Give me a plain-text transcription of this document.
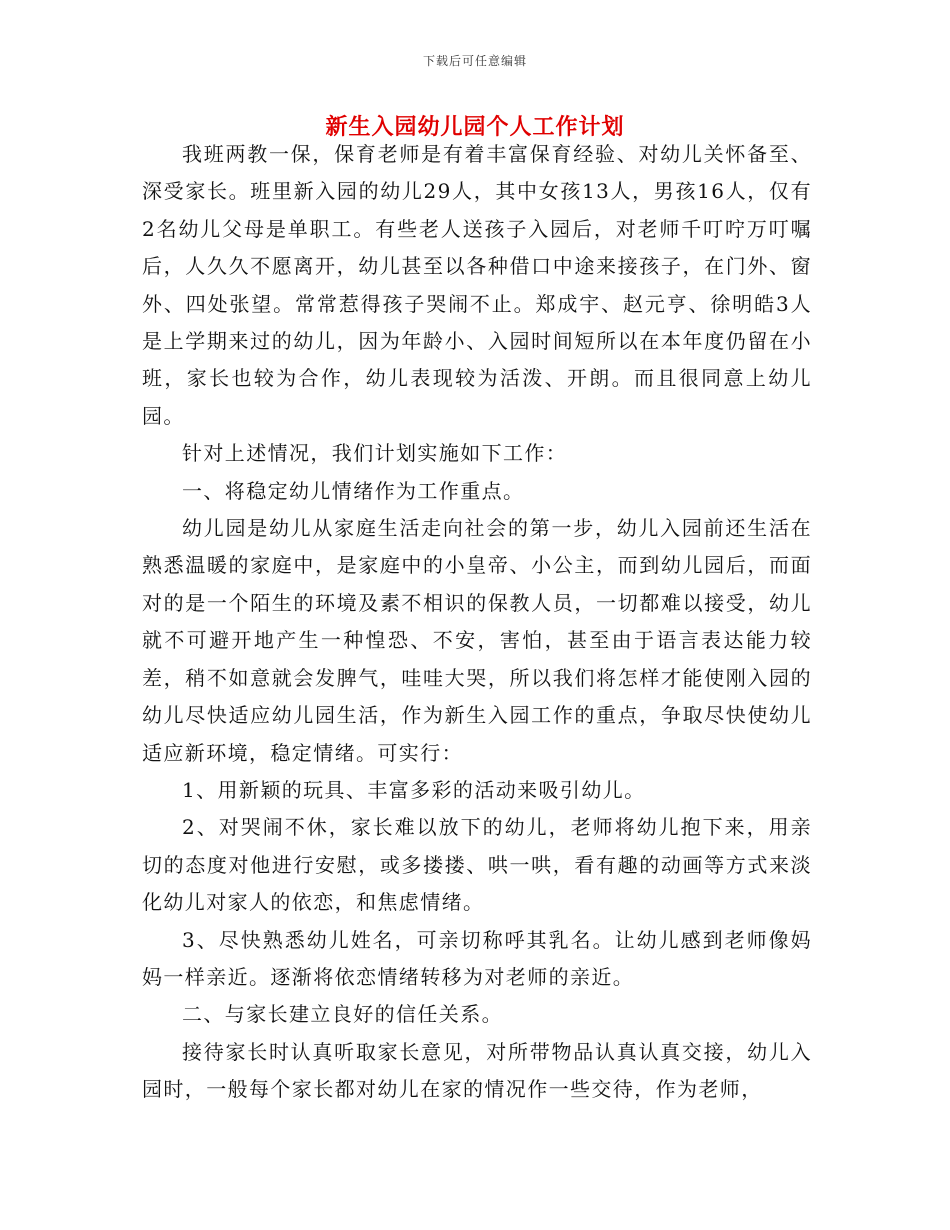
下载后可任意编辑
新生入园幼儿园个人工作计划

我班两教一保，保育老师是有着丰富保育经验、对幼儿关怀备至、深受家长。班里新入园的幼儿29人，其中女孩13人，男孩16人，仅有2名幼儿父母是单职工。有些老人送孩子入园后，对老师千叮咛万叮嘱后，人久久不愿离开，幼儿甚至以各种借口中途来接孩子，在门外、窗外、四处张望。常常惹得孩子哭闹不止。郑成宇、赵元亨、徐明皓3人是上学期来过的幼儿，因为年龄小、入园时间短所以在本年度仍留在小班，家长也较为合作，幼儿表现较为活泼、开朗。而且很同意上幼儿园。

针对上述情况，我们计划实施如下工作：

一、将稳定幼儿情绪作为工作重点。

幼儿园是幼儿从家庭生活走向社会的第一步，幼儿入园前还生活在熟悉温暖的家庭中，是家庭中的小皇帝、小公主，而到幼儿园后，而面对的是一个陌生的环境及素不相识的保教人员，一切都难以接受，幼儿就不可避开地产生一种惶恐、不安，害怕，甚至由于语言表达能力较差，稍不如意就会发脾气，哇哇大哭，所以我们将怎样才能使刚入园的幼儿尽快适应幼儿园生活，作为新生入园工作的重点，争取尽快使幼儿适应新环境，稳定情绪。可实行：

1、用新颖的玩具、丰富多彩的活动来吸引幼儿。

2、对哭闹不休，家长难以放下的幼儿，老师将幼儿抱下来，用亲切的态度对他进行安慰，或多搂搂、哄一哄，看有趣的动画等方式来淡化幼儿对家人的依恋，和焦虑情绪。

3、尽快熟悉幼儿姓名，可亲切称呼其乳名。让幼儿感到老师像妈妈一样亲近。逐渐将依恋情绪转移为对老师的亲近。

二、与家长建立良好的信任关系。

接待家长时认真听取家长意见，对所带物品认真认真交接，幼儿入园时，一般每个家长都对幼儿在家的情况作一些交待，作为老师，
